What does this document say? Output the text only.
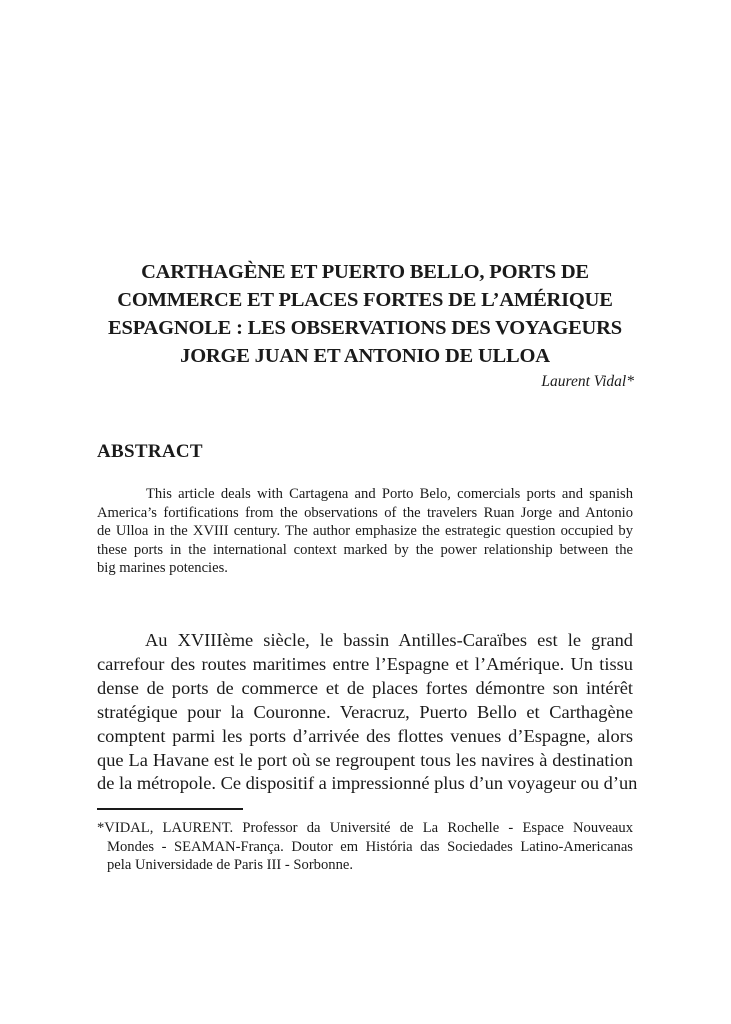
CARTHAGÈNE ET PUERTO BELLO, PORTS DE
COMMERCE ET PLACES FORTES DE L’AMÉRIQUE
ESPAGNOLE : LES OBSERVATIONS DES VOYAGEURS
JORGE JUAN ET ANTONIO DE ULLOA
Laurent Vidal*
ABSTRACT
This article deals with Cartagena and Porto Belo, comercials ports and spanish
America’s fortifications from the observations of the travelers Ruan Jorge and Antonio
de Ulloa in the XVIII century. The author emphasize the estrategic question occupied by
these ports in the international context marked by the power relationship between the
big marines potencies.
Au XVIIIème siècle, le bassin Antilles-Caraïbes est le grand
carrefour des routes maritimes entre l’Espagne et l’Amérique. Un tissu
dense de ports de commerce et de places fortes démontre son intérêt
stratégique pour la Couronne. Veracruz, Puerto Bello et Carthagène
comptent parmi les ports d’arrivée des flottes venues d’Espagne, alors
que La Havane est le port où se regroupent tous les navires à destination
de la métropole. Ce dispositif a impressionné plus d’un voyageur ou d’un
*VIDAL, LAURENT. Professor da Université de La Rochelle - Espace Nouveaux
Mondes - SEAMAN-França. Doutor em História das Sociedades Latino-Americanas
pela Universidade de Paris III - Sorbonne.
